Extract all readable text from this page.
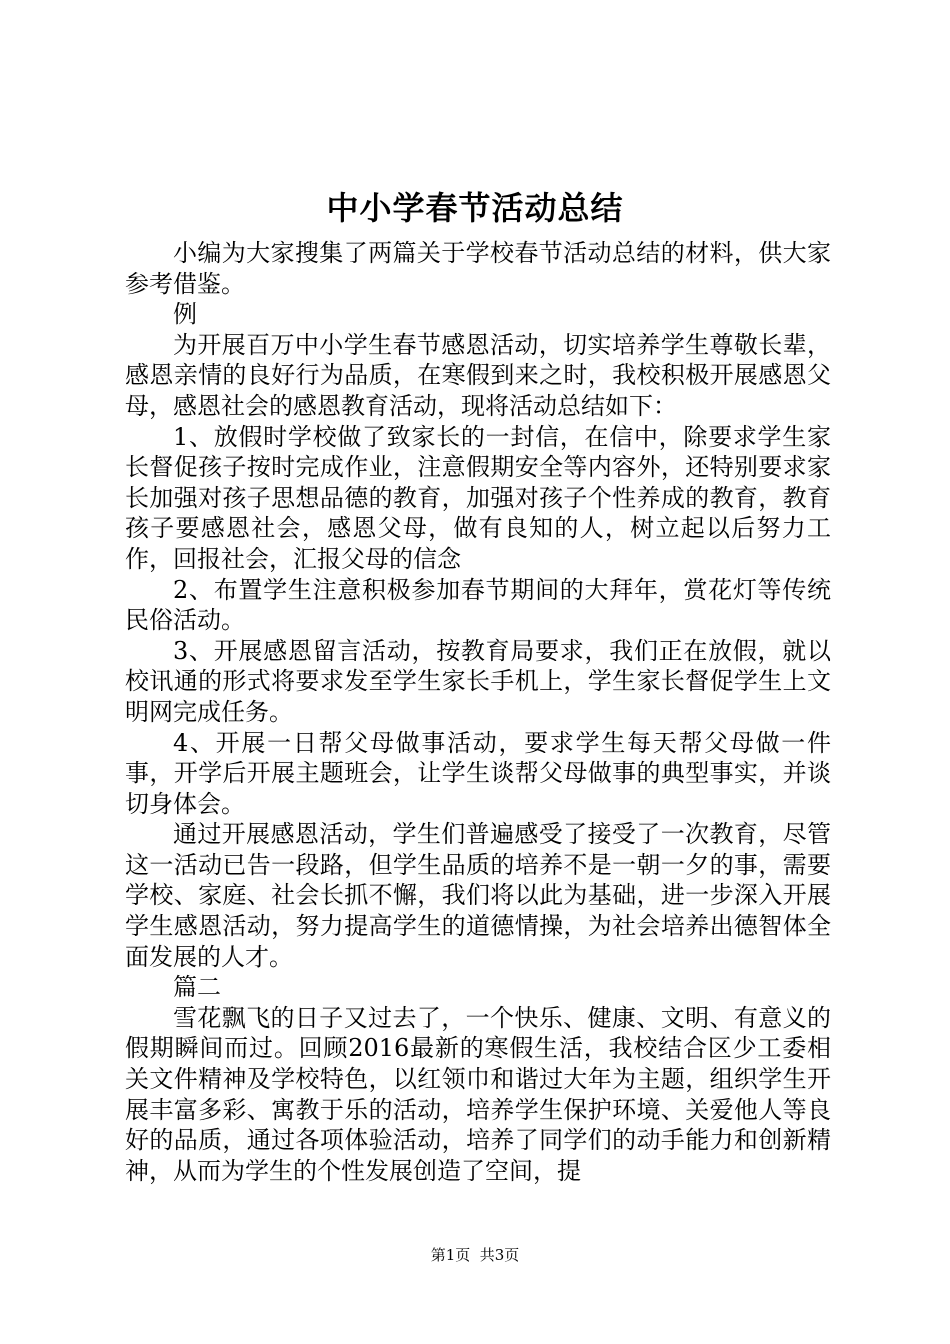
中小学春节活动总结

小编为大家搜集了两篇关于学校春节活动总结的材料，供大家参考借鉴。

例

为开展百万中小学生春节感恩活动，切实培养学生尊敬长辈，感恩亲情的良好行为品质，在寒假到来之时，我校积极开展感恩父母，感恩社会的感恩教育活动，现将活动总结如下：

1、放假时学校做了致家长的一封信，在信中，除要求学生家长督促孩子按时完成作业，注意假期安全等内容外，还特别要求家长加强对孩子思想品德的教育，加强对孩子个性养成的教育，教育孩子要感恩社会，感恩父母，做有良知的人，树立起以后努力工作，回报社会，汇报父母的信念

2、布置学生注意积极参加春节期间的大拜年，赏花灯等传统民俗活动。

3、开展感恩留言活动，按教育局要求，我们正在放假，就以校讯通的形式将要求发至学生家长手机上，学生家长督促学生上文明网完成任务。

4、开展一日帮父母做事活动，要求学生每天帮父母做一件事，开学后开展主题班会，让学生谈帮父母做事的典型事实，并谈切身体会。

通过开展感恩活动，学生们普遍感受了接受了一次教育，尽管这一活动已告一段路，但学生品质的培养不是一朝一夕的事，需要学校、家庭、社会长抓不懈，我们将以此为基础，进一步深入开展学生感恩活动，努力提高学生的道德情操，为社会培养出德智体全面发展的人才。

篇二

雪花飘飞的日子又过去了，一个快乐、健康、文明、有意义的假期瞬间而过。回顾2016最新的寒假生活，我校结合区少工委相关文件精神及学校特色，以红领巾和谐过大年为主题，组织学生开展丰富多彩、寓教于乐的活动，培养学生保护环境、关爱他人等良好的品质，通过各项体验活动，培养了同学们的动手能力和创新精神，从而为学生的个性发展创造了空间，提

第1页  共3页
